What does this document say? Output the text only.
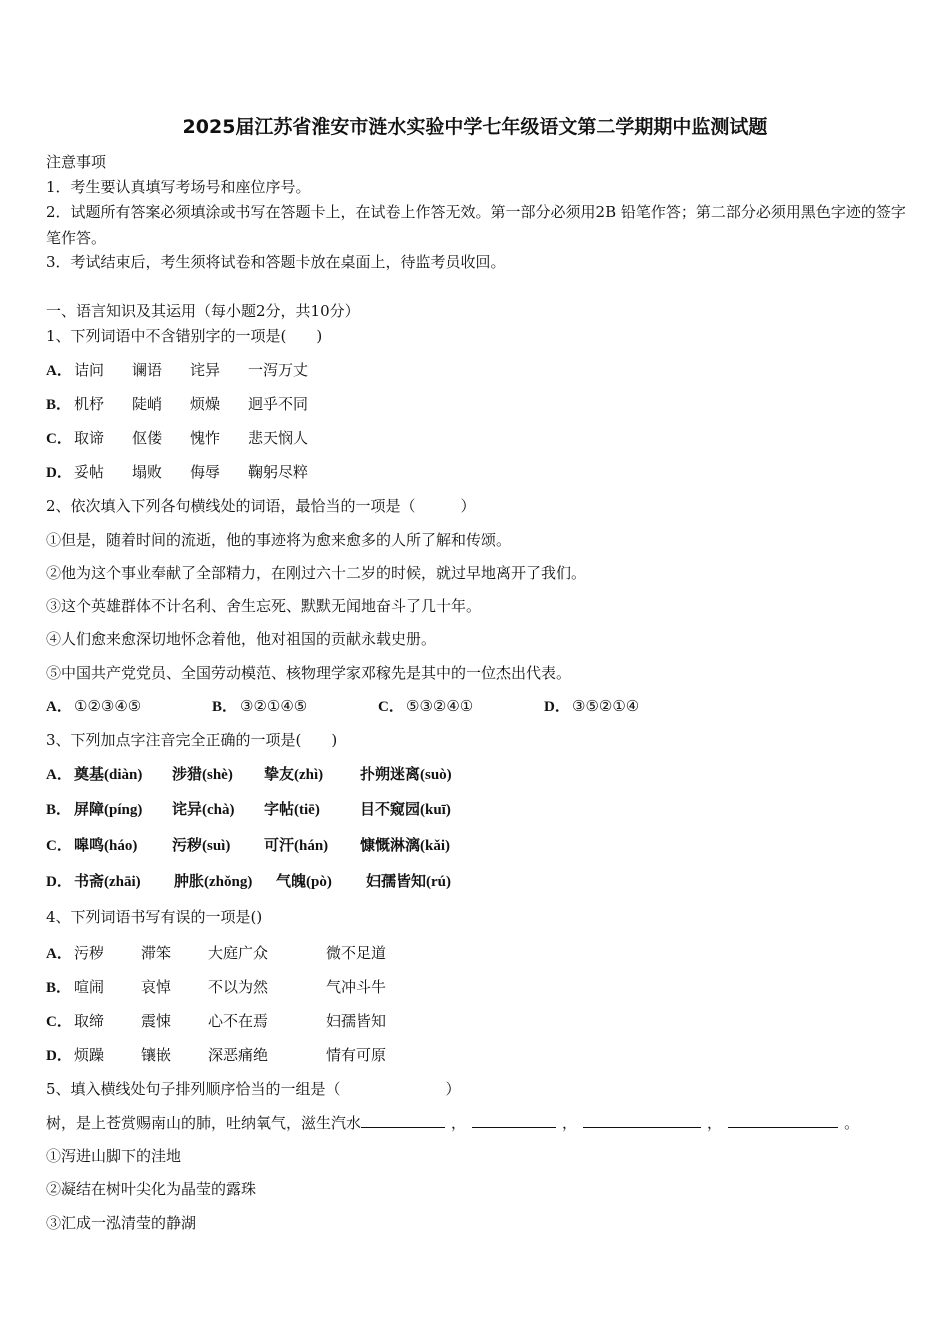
2025届江苏省淮安市涟水实验中学七年级语文第二学期期中监测试题
注意事项
1．考生要认真填写考场号和座位序号。
2．试题所有答案必须填涂或书写在答题卡上，在试卷上作答无效。第一部分必须用2B 铅笔作答；第二部分必须用黑色字迹的签字笔作答。
3．考试结束后，考生须将试卷和答题卡放在桌面上，待监考员收回。
一、语言知识及其运用（每小题2分，共10分）
1、下列词语中不含错别字的一项是(　　)
A． 诘问 谰语 诧异 一泻万丈
B． 机杼 陡峭 烦燥 迥乎不同
C． 取谛 伛偻 愧怍 悲天悯人
D． 妥帖 塌败 侮辱 鞠躬尽粹
2、依次填入下列各句横线处的词语，最恰当的一项是（　　　）
①但是，随着时间的流逝，他的事迹将为愈来愈多的人所了解和传颂。
②他为这个事业奉献了全部精力，在刚过六十二岁的时候，就过早地离开了我们。
③这个英雄群体不计名利、舍生忘死、默默无闻地奋斗了几十年。
④人们愈来愈深切地怀念着他，他对祖国的贡献永载史册。
⑤中国共产党党员、全国劳动模范、核物理学家邓稼先是其中的一位杰出代表。
A． ①②③④⑤	B． ③②①④⑤	C． ⑤③②④①	D． ③⑤②①④
3、下列加点字注音完全正确的一项是(　　)
A． 奠基(diàn) 涉猎(shè) 挚友(zhì) 扑朔迷离(suò)
B． 屏障(píng) 诧异(chà) 字帖(tiē)	目不窥园(kuī)
C． 嗥鸣(háo) 污秽(suì) 可汗(hán) 慷慨淋漓(kǎi)
D． 书斋(zhāi) 肿胀(zhǒng) 气魄(pò) 妇孺皆知(rú)
4、下列词语书写有误的一项是()
A． 污秽 滞笨 大庭广众	微不足道
B． 喧闹 哀悼 不以为然	气冲斗牛
C． 取缔 震悚 心不在焉	妇孺皆知
D． 烦躁 镶嵌 深恶痛绝	情有可原
5、填入横线处句子排列顺序恰当的一组是（　　　　　　　）
树，是上苍赏赐南山的肺，吐纳氧气，滋生汽水	，	，	，	。
①泻进山脚下的洼地
②凝结在树叶尖化为晶莹的露珠
③汇成一泓清莹的静湖
